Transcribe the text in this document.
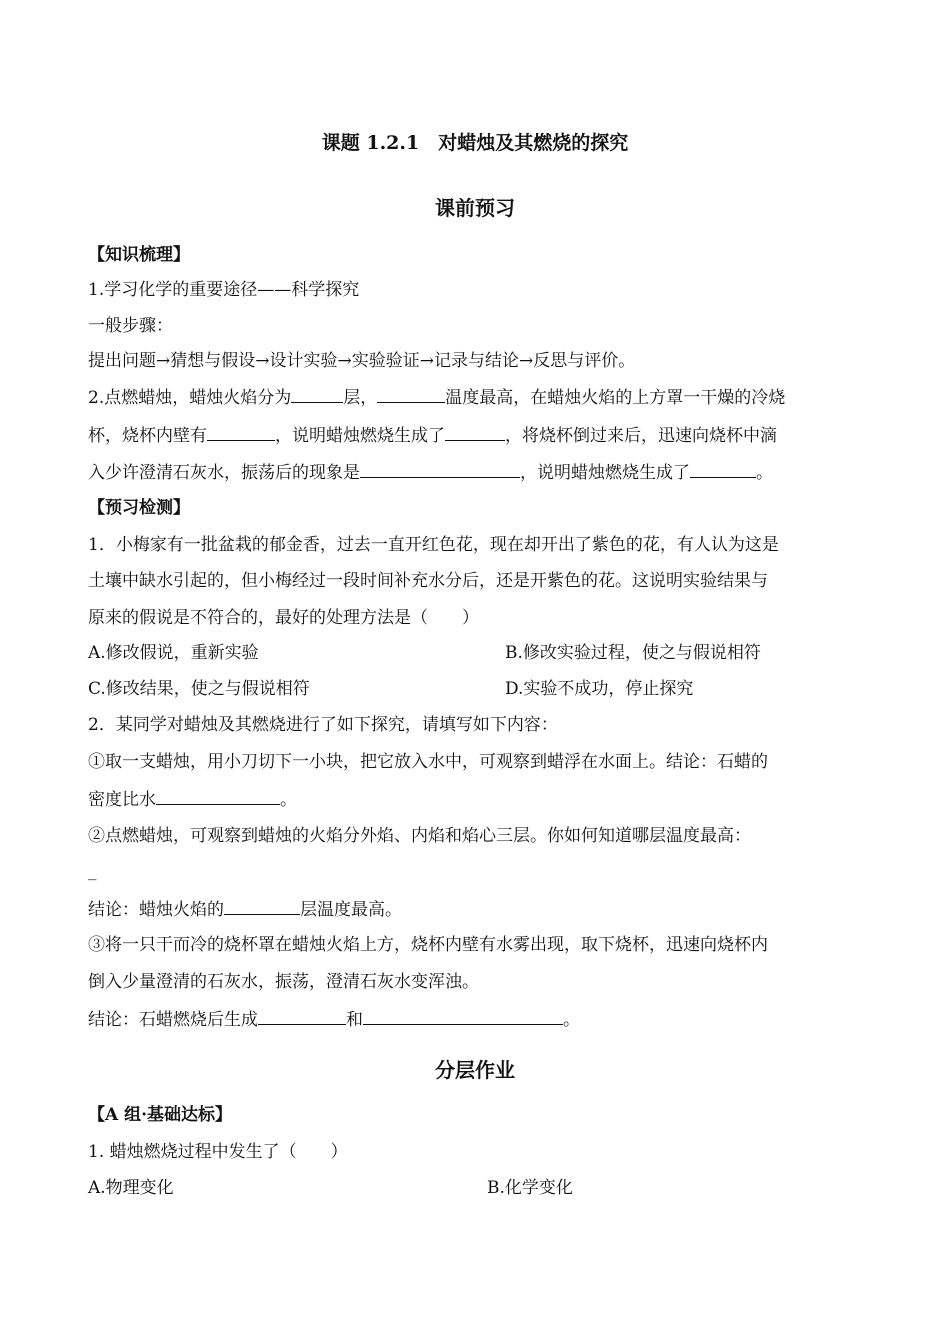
课题 1.2.1　对蜡烛及其燃烧的探究
课前预习
【知识梳理】
1.学习化学的重要途径——科学探究
一般步骤：
提出问题→猜想与假设→设计实验→实验验证→记录与结论→反思与评价。
2.点燃蜡烛，蜡烛火焰分为	层，	温度最高，在蜡烛火焰的上方罩一干燥的冷烧
杯，烧杯内壁有	，说明蜡烛燃烧生成了	，将烧杯倒过来后，迅速向烧杯中滴
入少许澄清石灰水，振荡后的现象是	，说明蜡烛燃烧生成了	。
【预习检测】
1．小梅家有一批盆栽的郁金香，过去一直开红色花，现在却开出了紫色的花，有人认为这是
土壤中缺水引起的，但小梅经过一段时间补充水分后，还是开紫色的花。这说明实验结果与
原来的假说是不符合的，最好的处理方法是（　　）
A.修改假说，重新实验	B.修改实验过程，使之与假说相符
C.修改结果，使之与假说相符	D.实验不成功，停止探究
2．某同学对蜡烛及其燃烧进行了如下探究，请填写如下内容：
①取一支蜡烛，用小刀切下一小块，把它放入水中，可观察到蜡浮在水面上。结论：石蜡的
密度比水	。
②点燃蜡烛，可观察到蜡烛的火焰分外焰、内焰和焰心三层。你如何知道哪层温度最高：
_
结论：蜡烛火焰的	层温度最高。
③将一只干而冷的烧杯罩在蜡烛火焰上方，烧杯内壁有水雾出现，取下烧杯，迅速向烧杯内
倒入少量澄清的石灰水，振荡，澄清石灰水变浑浊。
结论：石蜡燃烧后生成	和	。
分层作业
【A 组·基础达标】
1. 蜡烛燃烧过程中发生了（　　）
A.物理变化	B.化学变化
